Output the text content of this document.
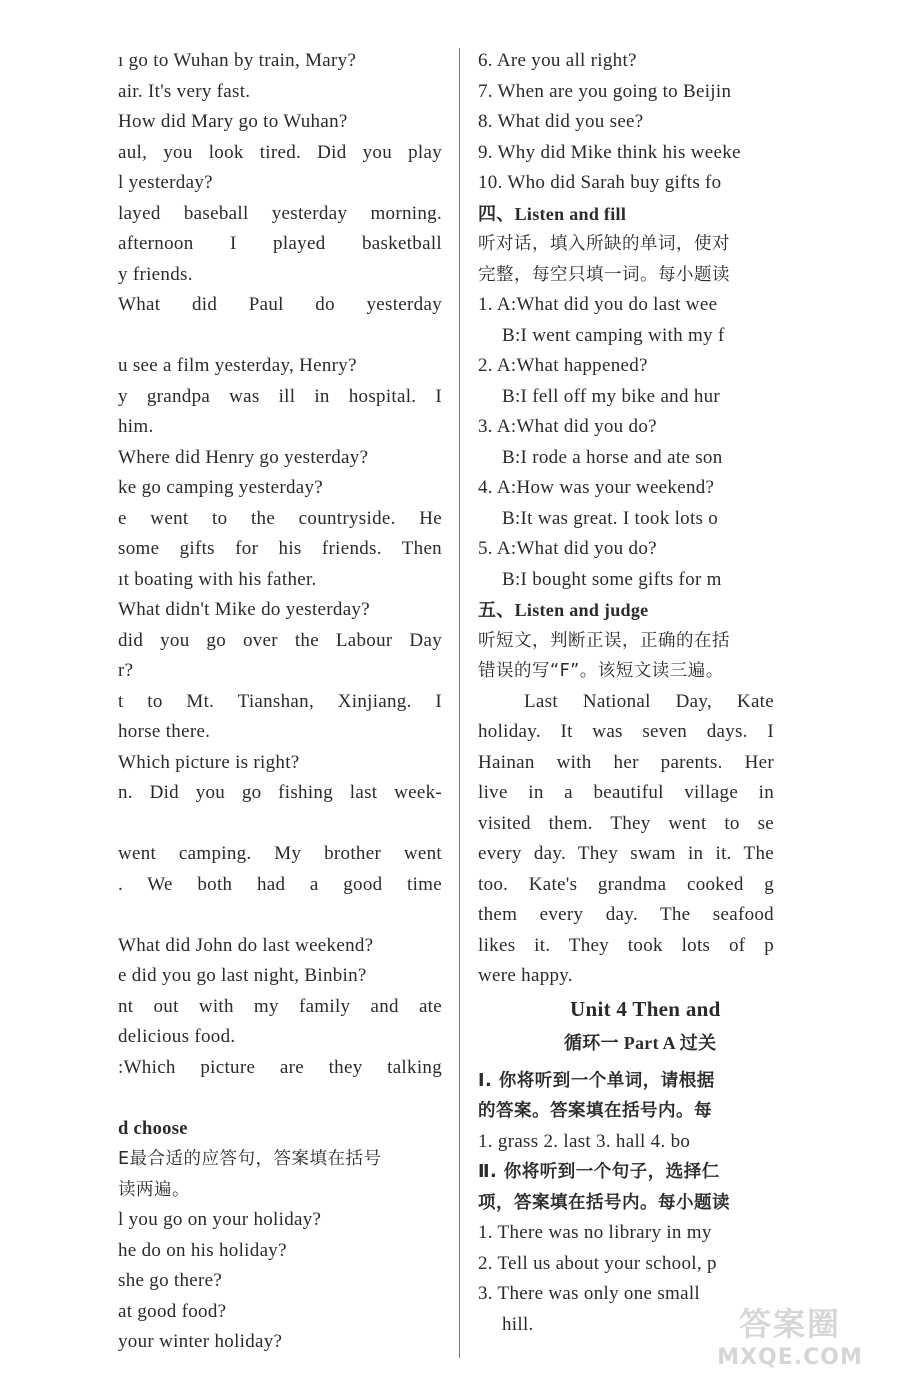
ı go to Wuhan by train, Mary?
air. It's very fast.
How did Mary go to Wuhan?
aul, you look tired. Did you play
l yesterday?
layed baseball yesterday morning.
afternoon I played basketball
y friends.
What did Paul do yesterday
u see a film yesterday, Henry?
y grandpa was ill in hospital. I
him.
Where did Henry go yesterday?
ke go camping yesterday?
e went to the countryside. He
some gifts for his friends. Then
ıt boating with his father.
What didn't Mike do yesterday?
did you go over the Labour Day
r?
t to Mt. Tianshan, Xinjiang. I
horse there.
Which picture is right?
n. Did you go fishing last week-
went camping. My brother went
. We both had a good time
What did John do last weekend?
e did you go last night, Binbin?
nt out with my family and ate
delicious food.
:Which picture are they talking
d choose
E最合适的应答句，答案填在括号
读两遍。
l you go on your holiday?
he do on his holiday?
she go there?
at good food?
your winter holiday?
6. Are you all right?
7. When are you going to Beijin
8. What did you see?
9. Why did Mike think his weeke
10. Who did Sarah buy gifts fo
四、Listen and fill
听对话，填入所缺的单词，使对
完整，每空只填一词。每小题读
1. A:What did you do last wee
B:I went camping with my f
2. A:What happened?
B:I fell off my bike and hur
3. A:What did you do?
B:I rode a horse and ate son
4. A:How was your weekend?
B:It was great. I took lots o
5. A:What did you do?
B:I bought some gifts for m
五、Listen and judge
听短文，判断正误，正确的在括
错误的写“F”。该短文读三遍。
Last National Day, Kate
holiday. It was seven days. I
Hainan with her parents. Her
live in a beautiful village in
visited them. They went to se
every day. They swam in it. The
too. Kate's grandma cooked g
them every day. The seafood
likes it. They took lots of p
were happy.
Unit 4 Then and
循环一 Part A 过关
Ⅰ. 你将听到一个单词，请根据
的答案。答案填在括号内。每
1. grass 2. last 3. hall 4. bo
Ⅱ. 你将听到一个句子，选择仁
项，答案填在括号内。每小题读
1. There was no library in my
2. Tell us about your school, p
3. There was only one small
hill.	答案圈
MXQE.COM
